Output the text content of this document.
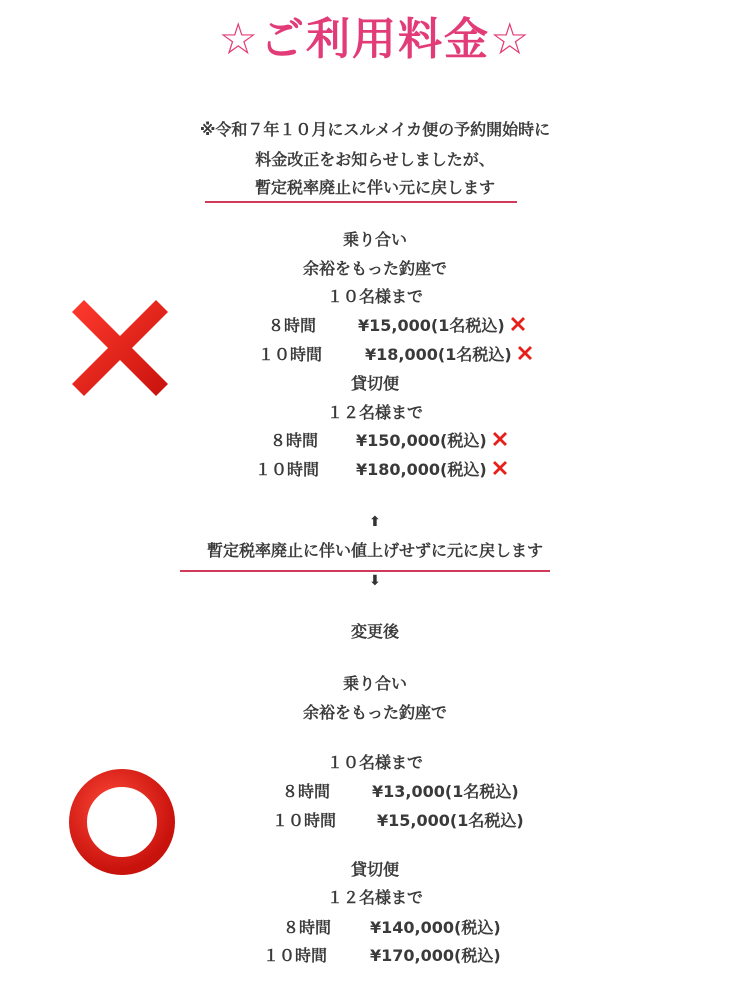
☆ご利用料金☆
※令和７年１０月にスルメイカ便の予約開始時に
料金改正をお知らせしましたが、
暫定税率廃止に伴い元に戻します
乗り合い
余裕をもった釣座で
１０名様まで
８時間	¥15,000(1名税込)
１０時間	¥18,000(1名税込)
貸切便
１２名様まで
８時間 ¥150,000(税込)
１０時間 ¥180,000(税込)
⬆
暫定税率廃止に伴い値上げせずに元に戻します
⬇
変更後
乗り合い
余裕をもった釣座で
１０名様まで
８時間	¥13,000(1名税込)
１０時間	¥15,000(1名税込)
貸切便
１２名様まで
８時間 ¥140,000(税込)
１０時間	¥170,000(税込)
